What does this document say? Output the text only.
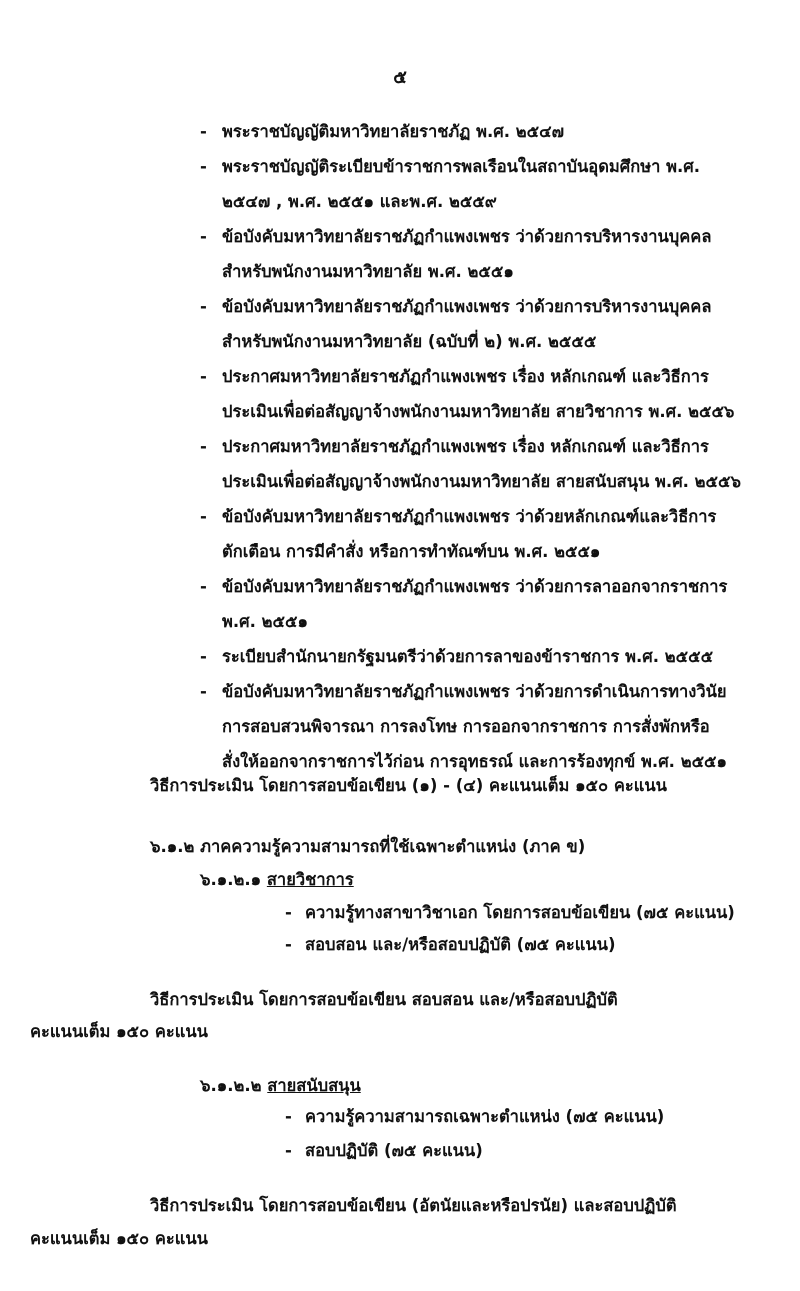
๕
- พระราชบัญญัติมหาวิทยาลัยราชภัฏ พ.ศ. ๒๕๔๗
- พระราชบัญญัติระเบียบข้าราชการพลเรือนในสถาบันอุดมศึกษา พ.ศ.
๒๕๔๗ , พ.ศ. ๒๕๕๑ และพ.ศ. ๒๕๕๙
- ข้อบังคับมหาวิทยาลัยราชภัฏกำแพงเพชร ว่าด้วยการบริหารงานบุคคล
สำหรับพนักงานมหาวิทยาลัย พ.ศ. ๒๕๕๑
- ข้อบังคับมหาวิทยาลัยราชภัฏกำแพงเพชร ว่าด้วยการบริหารงานบุคคล
สำหรับพนักงานมหาวิทยาลัย (ฉบับที่ ๒) พ.ศ. ๒๕๕๕
- ประกาศมหาวิทยาลัยราชภัฏกำแพงเพชร เรื่อง หลักเกณฑ์ และวิธีการ
ประเมินเพื่อต่อสัญญาจ้างพนักงานมหาวิทยาลัย สายวิชาการ พ.ศ. ๒๕๕๖
- ประกาศมหาวิทยาลัยราชภัฏกำแพงเพชร เรื่อง หลักเกณฑ์ และวิธีการ
ประเมินเพื่อต่อสัญญาจ้างพนักงานมหาวิทยาลัย สายสนับสนุน พ.ศ. ๒๕๕๖
- ข้อบังคับมหาวิทยาลัยราชภัฏกำแพงเพชร ว่าด้วยหลักเกณฑ์และวิธีการ
ตักเตือน การมีคำสั่ง หรือการทำทัณฑ์บน พ.ศ. ๒๕๕๑
- ข้อบังคับมหาวิทยาลัยราชภัฏกำแพงเพชร ว่าด้วยการลาออกจากราชการ
พ.ศ. ๒๕๕๑
- ระเบียบสำนักนายกรัฐมนตรีว่าด้วยการลาของข้าราชการ พ.ศ. ๒๕๕๕
- ข้อบังคับมหาวิทยาลัยราชภัฏกำแพงเพชร ว่าด้วยการดำเนินการทางวินัย
การสอบสวนพิจารณา การลงโทษ การออกจากราชการ การสั่งพักหรือ
สั่งให้ออกจากราชการไว้ก่อน การอุทธรณ์ และการร้องทุกข์ พ.ศ. ๒๕๕๑
วิธีการประเมิน โดยการสอบข้อเขียน (๑) - (๔) คะแนนเต็ม ๑๕๐ คะแนน
๖.๑.๒ ภาคความรู้ความสามารถที่ใช้เฉพาะตำแหน่ง (ภาค ข)
๖.๑.๒.๑ สายวิชาการ
- ความรู้ทางสาขาวิชาเอก โดยการสอบข้อเขียน (๗๕ คะแนน)
- สอบสอน และ/หรือสอบปฏิบัติ (๗๕ คะแนน)
วิธีการประเมิน โดยการสอบข้อเขียน สอบสอน และ/หรือสอบปฏิบัติ
คะแนนเต็ม ๑๕๐ คะแนน
๖.๑.๒.๒ สายสนับสนุน
- ความรู้ความสามารถเฉพาะตำแหน่ง (๗๕ คะแนน)
- สอบปฏิบัติ (๗๕ คะแนน)
วิธีการประเมิน โดยการสอบข้อเขียน (อัตนัยและหรือปรนัย) และสอบปฏิบัติ
คะแนนเต็ม ๑๕๐ คะแนน
